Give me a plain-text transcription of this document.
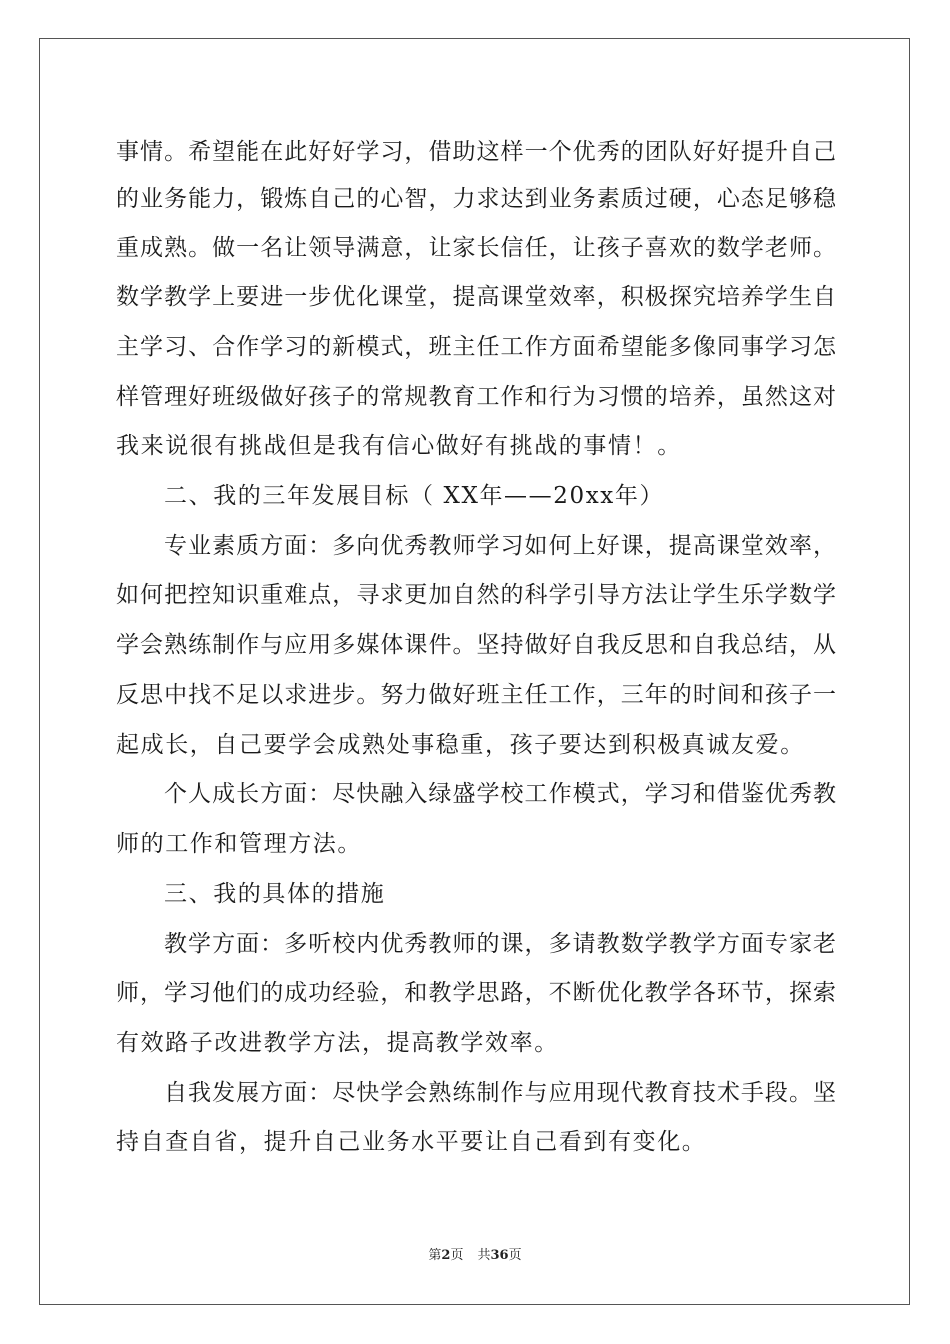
事情。希望能在此好好学习，借助这样一个优秀的团队好好提升自己
的业务能力，锻炼自己的心智，力求达到业务素质过硬，心态足够稳
重成熟。做一名让领导满意，让家长信任，让孩子喜欢的数学老师。
数学教学上要进一步优化课堂，提高课堂效率，积极探究培养学生自
主学习、合作学习的新模式，班主任工作方面希望能多像同事学习怎
样管理好班级做好孩子的常规教育工作和行为习惯的培养，虽然这对
我来说很有挑战但是我有信心做好有挑战的事情！。
二、我的三年发展目标（ XX年——20xx年）
专业素质方面：多向优秀教师学习如何上好课，提高课堂效率，
如何把控知识重难点，寻求更加自然的科学引导方法让学生乐学数学
学会熟练制作与应用多媒体课件。坚持做好自我反思和自我总结，从
反思中找不足以求进步。努力做好班主任工作，三年的时间和孩子一
起成长，自己要学会成熟处事稳重，孩子要达到积极真诚友爱。
个人成长方面：尽快融入绿盛学校工作模式，学习和借鉴优秀教
师的工作和管理方法。
三、我的具体的措施
教学方面：多听校内优秀教师的课，多请教数学教学方面专家老
师，学习他们的成功经验，和教学思路，不断优化教学各环节，探索
有效路子改进教学方法，提高教学效率。
自我发展方面：尽快学会熟练制作与应用现代教育技术手段。坚
持自查自省，提升自己业务水平要让自己看到有变化。
第2页 共36页
